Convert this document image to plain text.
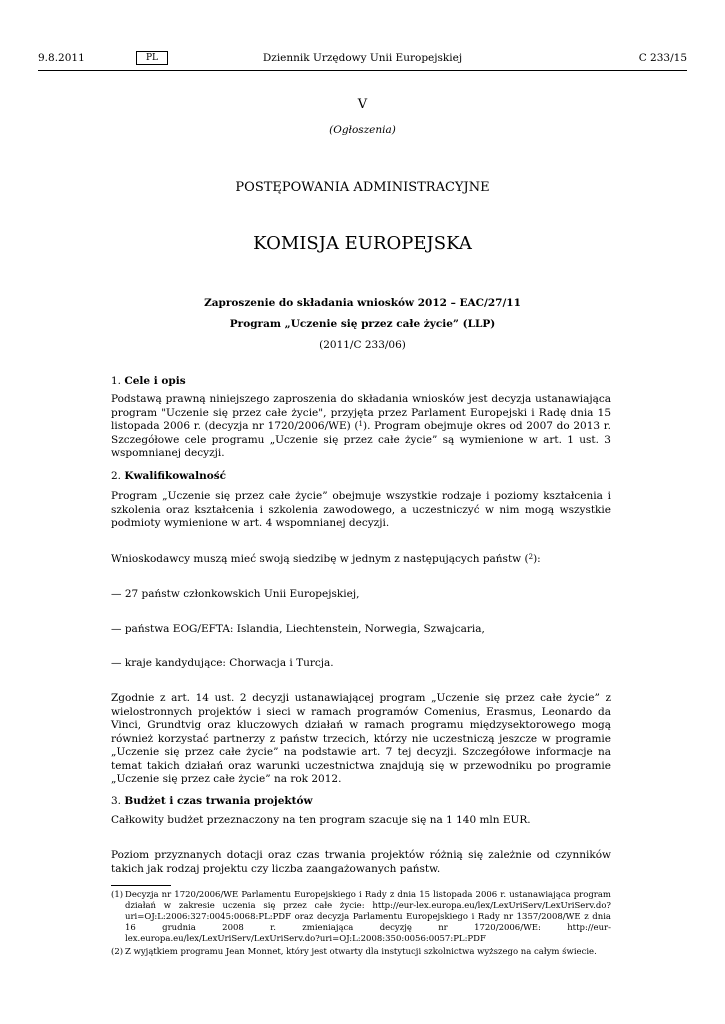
9.8.2011	PL	Dziennik Urzędowy Unii Europejskiej	C 233/15
V
(Ogłoszenia)
POSTĘPOWANIA ADMINISTRACYJNE
KOMISJA EUROPEJSKA
Zaproszenie do składania wniosków 2012 – EAC/27/11
Program „Uczenie się przez całe życie” (LLP)
(2011/C 233/06)
1. Cele i opis

Podstawą prawną niniejszego zaproszenia do składania wniosków jest decyzja ustanawiająca program "Uczenie się przez całe życie", przyjęta przez Parlament Europejski i Radę dnia 15 listopada 2006 r. (decyzja nr 1720/2006/WE) ($^1$). Program obejmuje okres od 2007 do 2013 r. Szczegółowe cele programu „Uczenie się przez całe życie” są wymienione w art. 1 ust. 3 wspomnianej decyzji.

2. Kwalifikowalność

Program „Uczenie się przez całe życie” obejmuje wszystkie rodzaje i poziomy kształcenia i szkolenia oraz kształcenia i szkolenia zawodowego, a uczestniczyć w nim mogą wszystkie podmioty wymienione w art. 4 wspomnianej decyzji.

Wnioskodawcy muszą mieć swoją siedzibę w jednym z następujących państw ($^2$):

— 27 państw członkowskich Unii Europejskiej,
— państwa EOG/EFTA: Islandia, Liechtenstein, Norwegia, Szwajcaria,
— kraje kandydujące: Chorwacja i Turcja.

Zgodnie z art. 14 ust. 2 decyzji ustanawiającej program „Uczenie się przez całe życie” z wielostronnych projektów i sieci w ramach programów Comenius, Erasmus, Leonardo da Vinci, Grundtvig oraz kluczowych działań w ramach programu międzysektorowego mogą również korzystać partnerzy z państw trzecich, którzy nie uczestniczą jeszcze w programie „Uczenie się przez całe życie” na podstawie art. 7 tej decyzji. Szczegółowe informacje na temat takich działań oraz warunki uczestnictwa znajdują się w przewodniku po programie „Uczenie się przez całe życie” na rok 2012.

3. Budżet i czas trwania projektów

Całkowity budżet przeznaczony na ten program szacuje się na 1 140 mln EUR.

Poziom przyznanych dotacji oraz czas trwania projektów różnią się zależnie od czynników takich jak rodzaj projektu czy liczba zaangażowanych państw.

(1) Decyzja nr 1720/2006/WE Parlamentu Europejskiego i Rady z dnia 15 listopada 2006 r. ustanawiająca program działań w zakresie uczenia się przez całe życie: http://eur-lex.europa.eu/lex/LexUriServ/LexUriServ.do?uri=OJ:L:2006:327:0045:0068:PL:PDF oraz decyzja Parlamentu Europejskiego i Rady nr 1357/2008/WE z dnia 16 grudnia 2008 r. zmieniająca decyzję nr 1720/2006/WE: http://eur-lex.europa.eu/lex/LexUriServ/LexUriServ.do?uri=OJ:L:2008:350:0056:0057:PL:PDF
(2) Z wyjątkiem programu Jean Monnet, który jest otwarty dla instytucji szkolnictwa wyższego na całym świecie.
